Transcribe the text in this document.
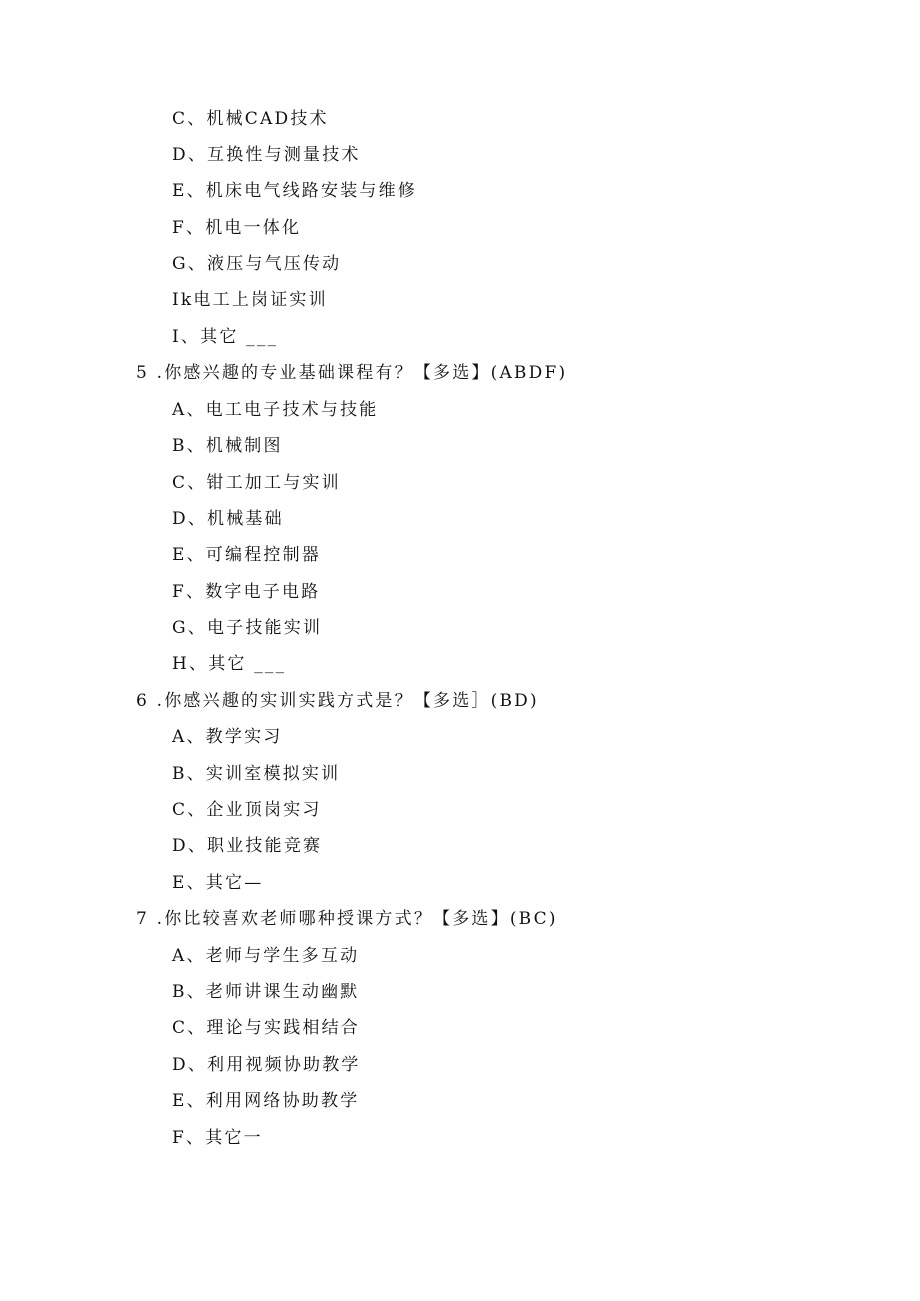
C、机械CAD技术
D、互换性与测量技术
E、机床电气线路安装与维修
F、机电一体化
G、液压与气压传动
Ik电工上岗证实训
I、其它 ___
5 .你感兴趣的专业基础课程有？【多选】(ABDF)
A、电工电子技术与技能
B、机械制图
C、钳工加工与实训
D、机械基础
E、可编程控制器
F、数字电子电路
G、电子技能实训
H、其它 ___
6 .你感兴趣的实训实践方式是？【多选］(BD)
A、教学实习
B、实训室模拟实训
C、企业顶岗实习
D、职业技能竞赛
E、其它—
7 .你比较喜欢老师哪种授课方式？【多选】(BC)
A、老师与学生多互动
B、老师讲课生动幽默
C、理论与实践相结合
D、利用视频协助教学
E、利用网络协助教学
F、其它一
